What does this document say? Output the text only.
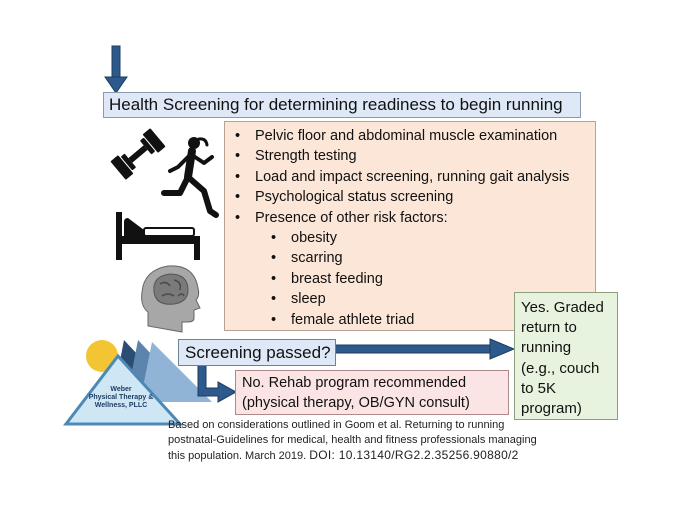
Health Screening for determining readiness to begin running
• Pelvic floor and abdominal muscle examination
• Strength testing
• Load and impact screening, running gait analysis
• Psychological status screening
• Presence of other risk factors:
• obesity
• scarring
• breast feeding
• sleep
• female athlete triad
Weber
Physical Therapy &
Wellness, PLLC
Screening passed?
Yes. Graded
return to
running
(e.g., couch
to 5K
program)
No. Rehab program recommended
(physical therapy, OB/GYN consult)
Based on considerations outlined in Goom et al. Returning to running
postnatal-Guidelines for medical, health and fitness professionals managing
this population. March 2019. DOI: 10.13140/RG2.2.35256.90880/2
